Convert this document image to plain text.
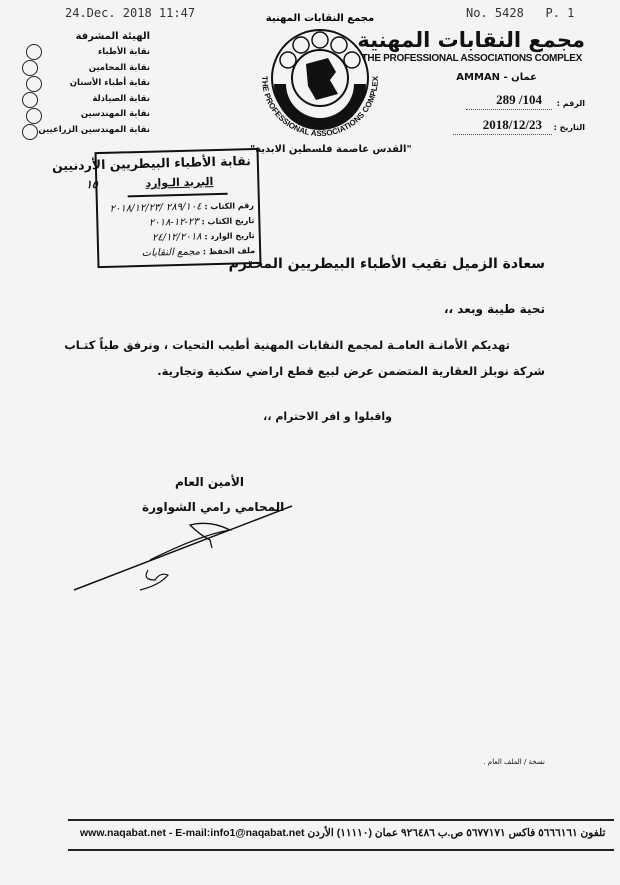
24.Dec. 2018 11:47	No. 5428   P. 1
الهيئة المشرفة
نقابة الأطباء
نقابة المحامين
نقابة أطباء الأسنان
نقابة الصيادلة
نقابة المهندسين
نقابة المهندسين الزراعيين
مجمع النقابات المهنية
THE PROFESSIONAL ASSOCIATIONS COMPLEX
مجمع النقابات المهنية
THE PROFESSIONAL ASSOCIATIONS COMPLEX
AMMAN - عمان
الرقم :
289 /104
التاريخ :
2018/12/23
"القدس عاصمة فلسطين الابدية"
١٥
نقابة الأطباء البيطريين الأردنيين
البريد الـوارد
رقم الكتاب : ٢٨٩/١٠٤ /٢٠١٨/١٢/٢٣
تاريخ الكتاب : ٢٣-١٢-٢٠١٨
تاريخ الوارد : ٢٤/١٢/٢٠١٨
ملف الحفظ : مجمع النقابات
سعادة الزميل نقيب الأطباء البيطريين المحترم
تحية طيبة وبعد ،،
تهديكم الأمانـة العامـة لمجمع النقابات المهنية أطيب التحيات ، ونرفق طياً كتـاب
شركة نوبلز العقارية المتضمن عرض لبيع قطع اراضي سكنية وتجارية.
واقبلوا و افر الاحترام ،،
الأمين العام
المحامي رامي الشواورة
نسخة / الملف العام .
تلفون ٥٦٦٦١٦١ فاكس ٥٦٧٧١٧١ ص.ب ٩٢٦٤٨٦ عمان (١١١١٠) الأردن www.naqabat.net - E-mail:info1@naqabat.net
